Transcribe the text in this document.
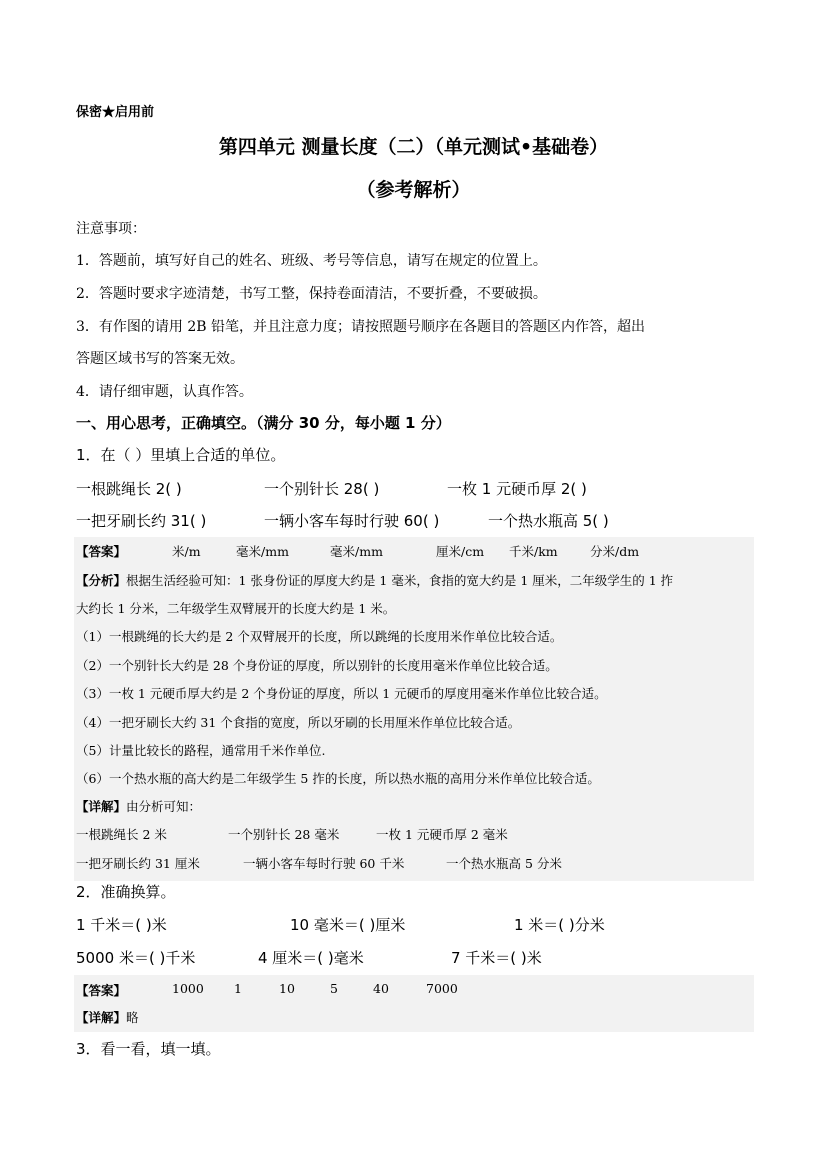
保密★启用前
第四单元 测量长度（二）（单元测试•基础卷）
（参考解析）
注意事项：
1．答题前，填写好自己的姓名、班级、考号等信息，请写在规定的位置上。
2．答题时要求字迹清楚，书写工整，保持卷面清洁，不要折叠，不要破损。
3．有作图的请用 2B 铅笔，并且注意力度；请按照题号顺序在各题目的答题区内作答，超出
答题区域书写的答案无效。
4．请仔细审题，认真作答。
一、用心思考，正确填空。（满分 30 分，每小题 1 分）
1．在（ ）里填上合适的单位。
一根跳绳长 2( )	一个别针长 28( )	一枚 1 元硬币厚 2( )
一把牙刷长约 31( )	一辆小客车每时行驶 60( )	一个热水瓶高 5( )
【答案】	米/m	毫米/mm	毫米/mm	厘米/cm 千米/km	分米/dm
【分析】根据生活经验可知：1 张身份证的厚度大约是 1 毫米，食指的宽大约是 1 厘米，二年级学生的 1 拃
大约长 1 分米，二年级学生双臂展开的长度大约是 1 米。
（1）一根跳绳的长大约是 2 个双臂展开的长度，所以跳绳的长度用米作单位比较合适。
（2）一个别针长大约是 28 个身份证的厚度，所以别针的长度用毫米作单位比较合适。
（3）一枚 1 元硬币厚大约是 2 个身份证的厚度，所以 1 元硬币的厚度用毫米作单位比较合适。
（4）一把牙刷长大约 31 个食指的宽度，所以牙刷的长用厘米作单位比较合适。
（5）计量比较长的路程，通常用千米作单位.
（6）一个热水瓶的高大约是二年级学生 5 拃的长度，所以热水瓶的高用分米作单位比较合适。
【详解】由分析可知：
一根跳绳长 2 米	一个别针长 28 毫米	一枚 1 元硬币厚 2 毫米
一把牙刷长约 31 厘米	一辆小客车每时行驶 60 千米	一个热水瓶高 5 分米
2．准确换算。
1 千米＝( )米	10 毫米＝( )厘米	1 米＝( )分米
5000 米＝( )千米	4 厘米＝( )毫米	7 千米＝( )米
【答案】	1000 1	10	5	40	7000
【详解】略
3．看一看，填一填。
